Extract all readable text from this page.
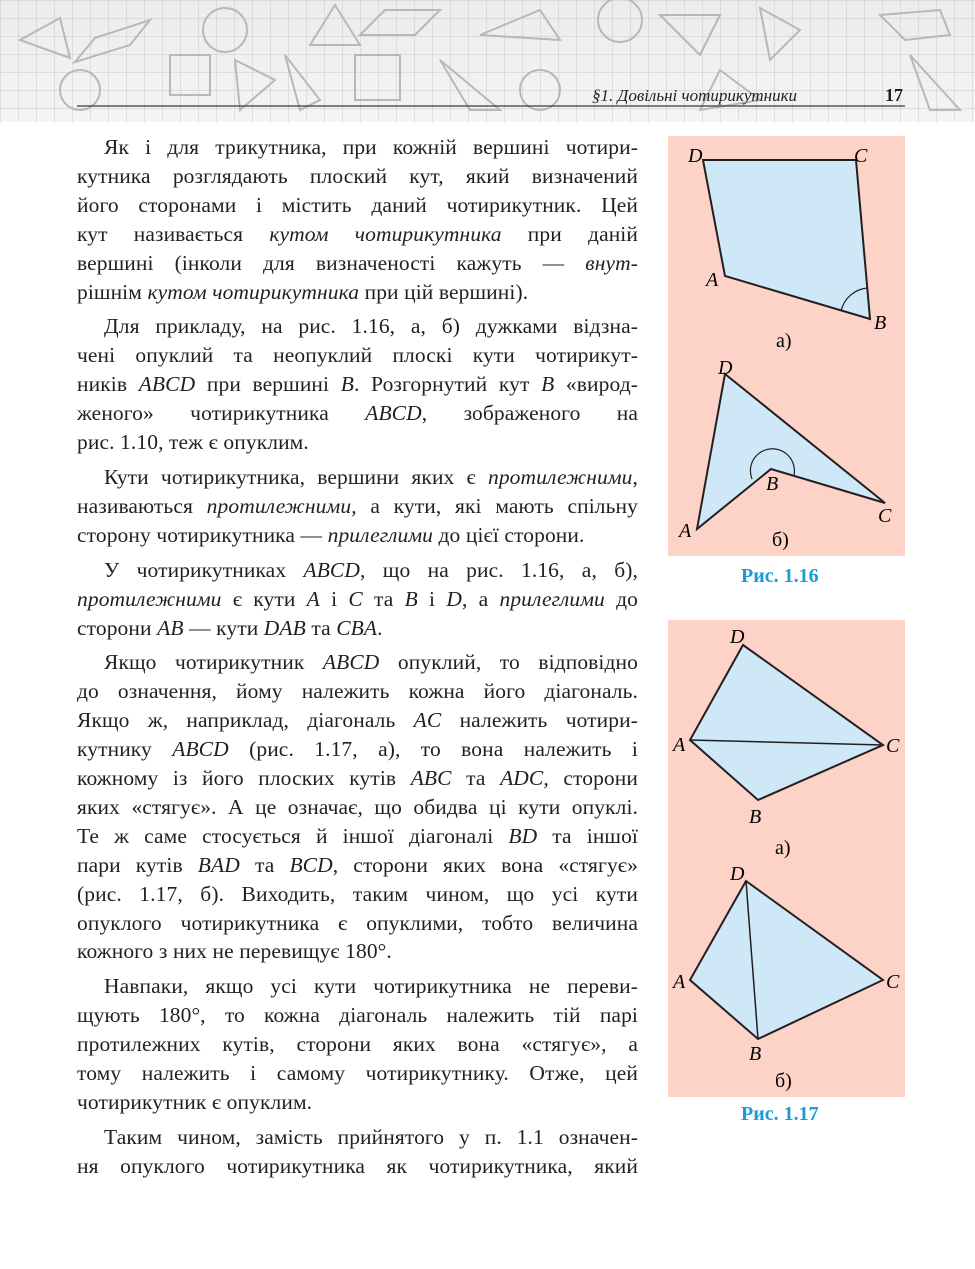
§1. Довільні чотирикутники	17
Як і для трикутника, при кожній вершині чотири-
кутника розглядають плоский кут, який визначений
його сторонами і містить даний чотирикутник. Цей
кут називається кутом чотирикутника при даній
вершині (інколи для визначеності кажуть — внут-
рішнім кутом чотирикутника при цій вершині).
Для прикладу, на рис. 1.16, а, б) дужками відзна-
чені опуклий та неопуклий плоскі кути чотирикут-
ників ABCD при вершині B. Розгорнутий кут B «вирод-
женого» чотирикутника ABCD, зображеного на
рис. 1.10, теж є опуклим.
Кути чотирикутника, вершини яких є протилежними,
називаються протилежними, а кути, які мають спільну
сторону чотирикутника — прилеглими до цієї сторони.
У чотирикутниках ABCD, що на рис. 1.16, а, б),
протилежними є кути A і C та B і D, а прилеглими до
сторони AB — кути DAB та CBA.
Якщо чотирикутник ABCD опуклий, то відповідно
до означення, йому належить кожна його діагональ.
Якщо ж, наприклад, діагональ AC належить чотири-
кутнику ABCD (рис. 1.17, а), то вона належить і
кожному із його плоских кутів ABC та ADC, сторони
яких «стягує». А це означає, що обидва ці кути опуклі.
Те ж саме стосується й іншої діагоналі BD та іншої
пари кутів BAD та BCD, сторони яких вона «стягує»
(рис. 1.17, б). Виходить, таким чином, що усі кути
опуклого чотирикутника є опуклими, тобто величина
кожного з них не перевищує 180°.
Навпаки, якщо усі кути чотирикутника не переви-
щують 180°, то кожна діагональ належить тій парі
протилежних кутів, сторони яких вона «стягує», а
тому належить і самому чотирикутнику. Отже, цей
чотирикутник є опуклим.
Таким чином, замість прийнятого у п. 1.1 означен-
ня опуклого чотирикутника як чотирикутника, який
D	C
A
B
а)
D
B
A
C
б)
Рис. 1.16
D
A	C
B
а)
D
A	C
B
б)
Рис. 1.17
